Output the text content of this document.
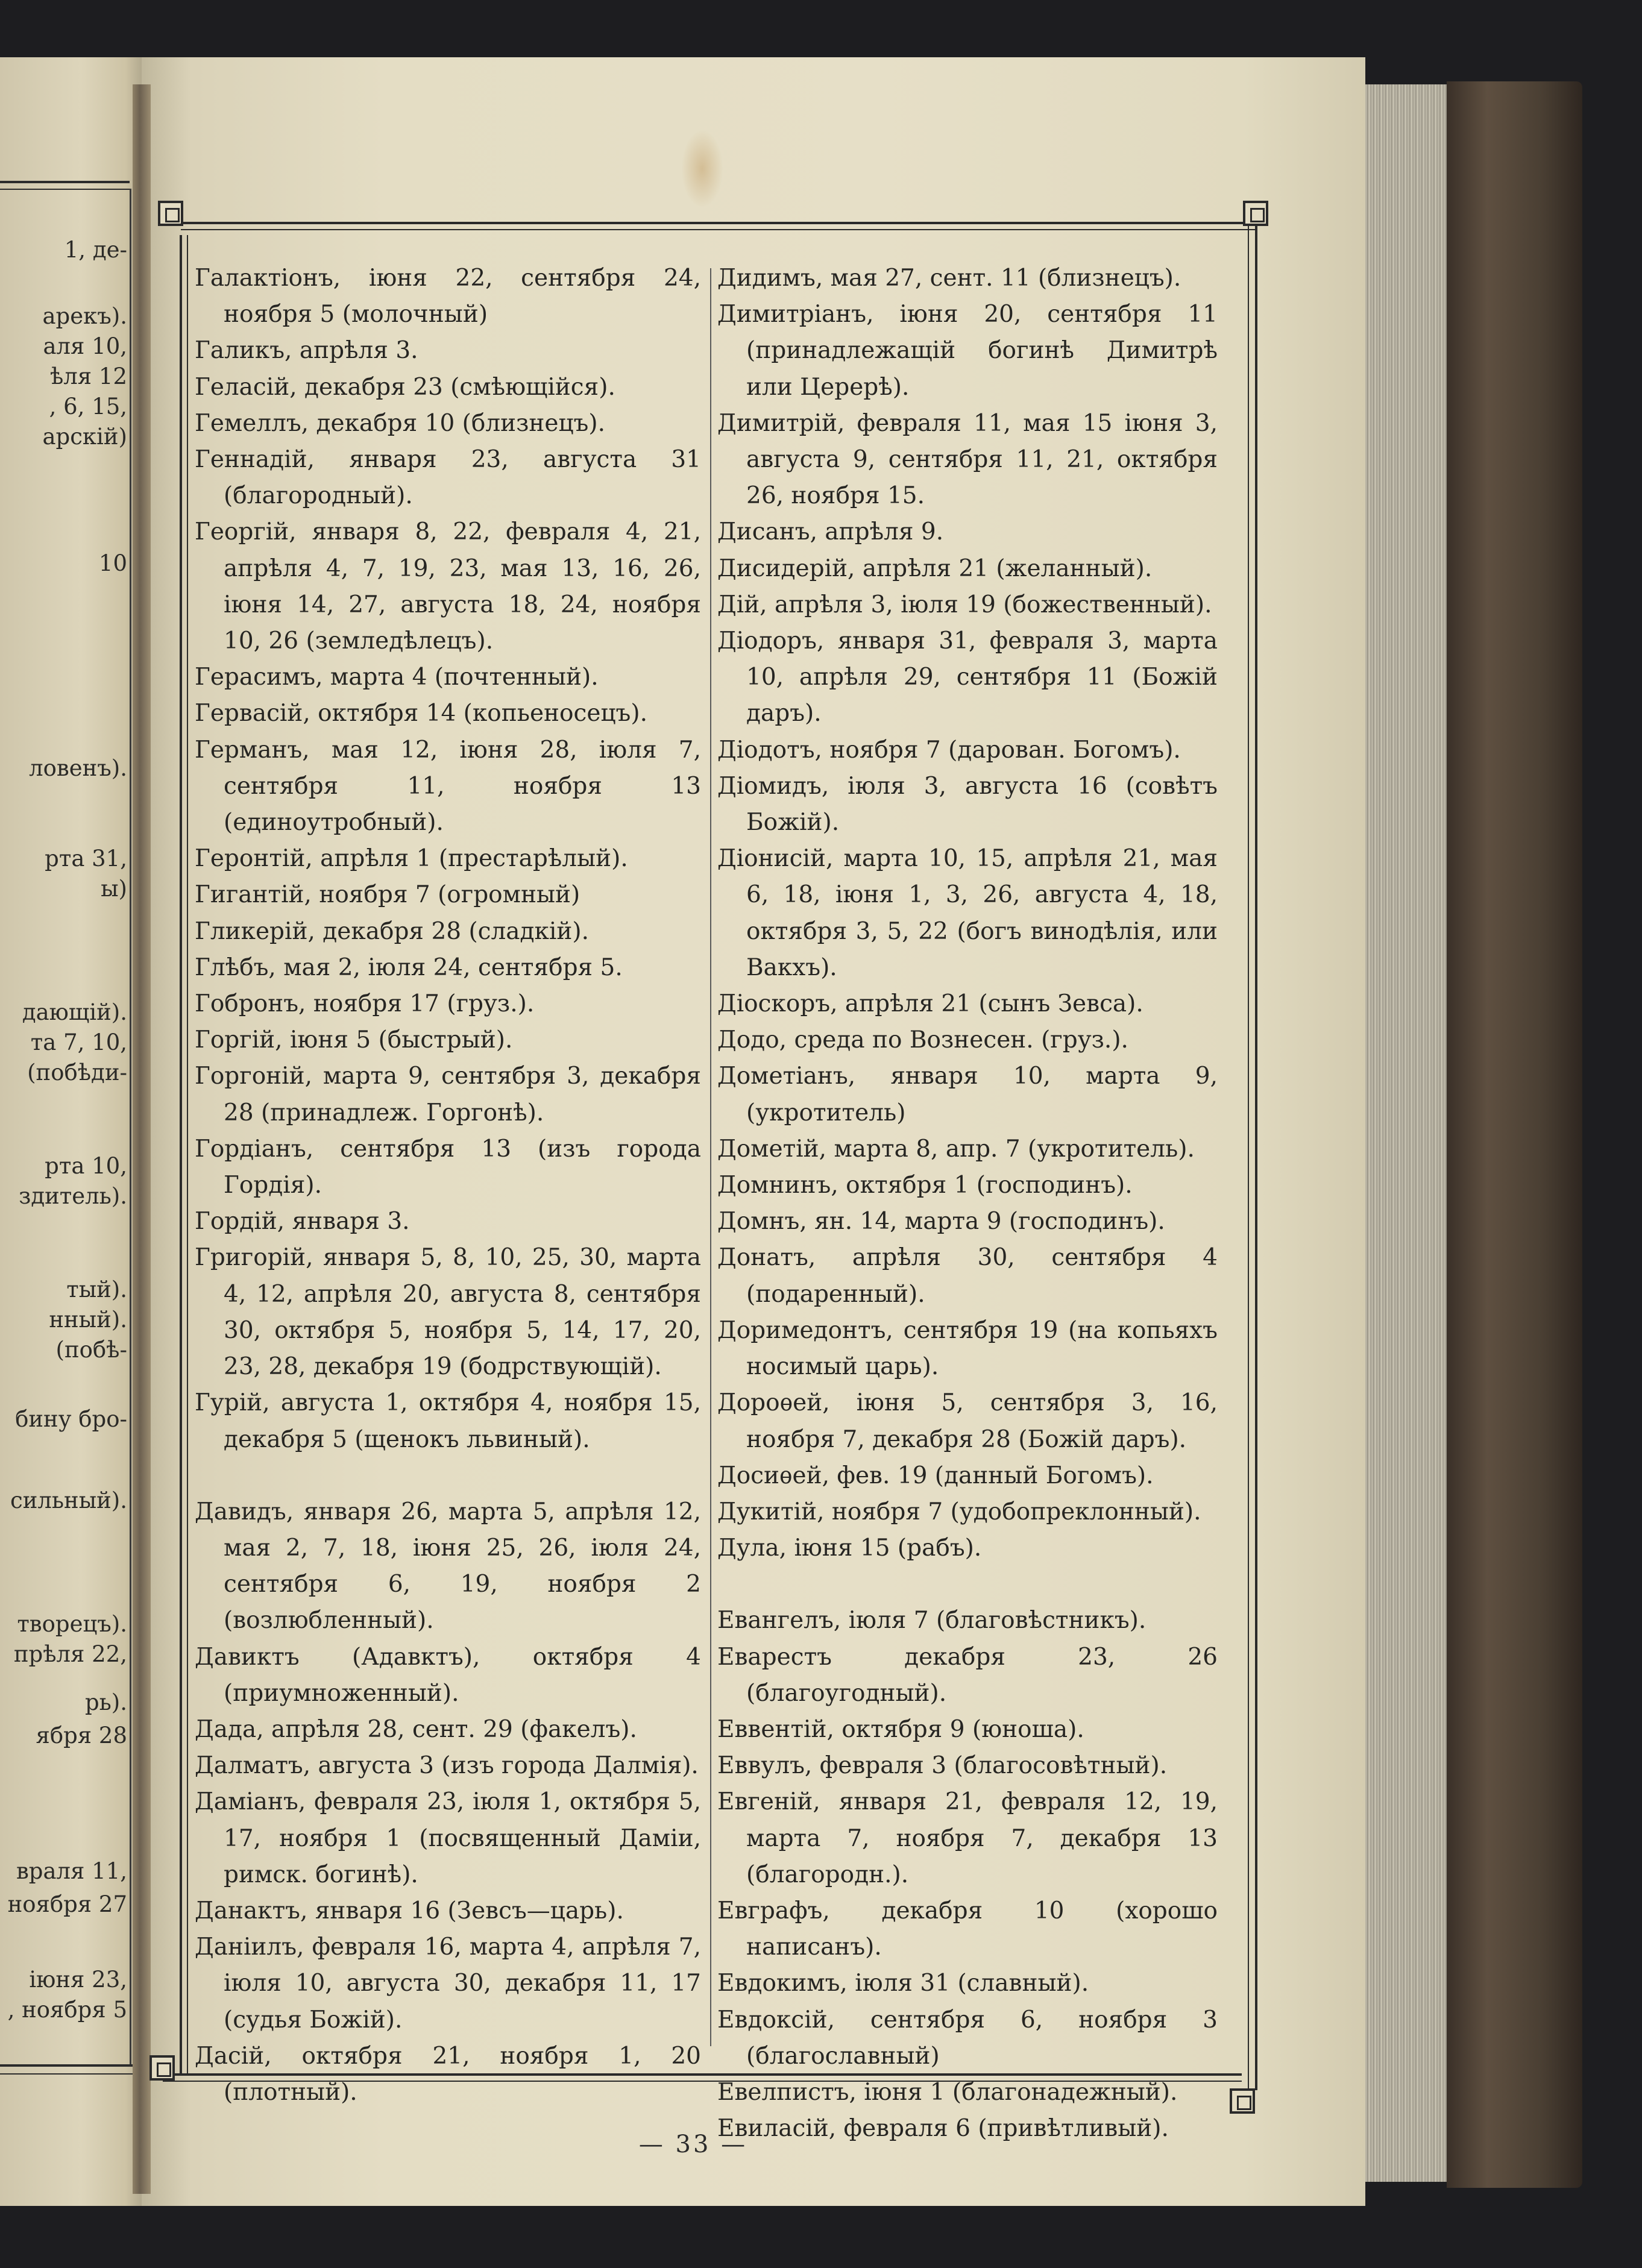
1, де-
арекъ).
аля 10,
ѣля 12
, 6, 15,
арскій)
10
ловенъ).
рта 31,
ы)
дающій).
та 7, 10,
(побѣди-
рта 10,
здитель).
тый).
нный).
(побѣ-
бину бро-
сильный).
творецъ).
прѣля 22,
рь).
ября 28
враля 11,
ноября 27
іюня 23,
, ноября 5

Галактіонъ, іюня 22, сентября 24, ноября 5 (молочный)

Галикъ, апрѣля 3.

Геласій, декабря 23 (смѣющійся).

Гемеллъ, декабря 10 (близнецъ).

Геннадій, января 23, августа 31 (благородный).

Георгій, января 8, 22, февраля 4, 21, апрѣля 4, 7, 19, 23, мая 13, 16, 26, іюня 14, 27, августа 18, 24, ноября 10, 26 (земледѣлецъ).

Герасимъ, марта 4 (почтенный).

Гервасій, октября 14 (копьеносецъ).

Германъ, мая 12, іюня 28, іюля 7, сентября 11, ноября 13 (единоутробный).

Геронтій, апрѣля 1 (престарѣлый).

Гигантій, ноября 7 (огромный)

Гликерій, декабря 28 (сладкій).

Глѣбъ, мая 2, іюля 24, сентября 5.

Гобронъ, ноября 17 (груз.).

Горгій, іюня 5 (быстрый).

Горгоній, марта 9, сентября 3, декабря 28 (принадлеж. Горгонѣ).

Гордіанъ, сентября 13 (изъ города Гордія).

Гордій, января 3.

Григорій, января 5, 8, 10, 25, 30, марта 4, 12, апрѣля 20, августа 8, сентября 30, октября 5, ноября 5, 14, 17, 20, 23, 28, декабря 19 (бодрствующій).

Гурій, августа 1, октября 4, ноября 15, декабря 5 (щенокъ львиный).

Давидъ, января 26, марта 5, апрѣля 12, мая 2, 7, 18, іюня 25, 26, іюля 24, сентября 6, 19, ноября 2 (возлюбленный).

Давиктъ (Адавктъ), октября 4 (приумноженный).

Дада, апрѣля 28, сент. 29 (факелъ).

Далматъ, августа 3 (изъ города Далмія).

Даміанъ, февраля 23, іюля 1, октября 5, 17, ноября 1 (посвященный Даміи, римск. богинѣ).

Данактъ, января 16 (Зевсъ—царь).

Даніилъ, февраля 16, марта 4, апрѣля 7, іюля 10, августа 30, декабря 11, 17 (судья Божій).

Дасій, октября 21, ноября 1, 20 (плотный).

Дидимъ, мая 27, сент. 11 (близнецъ).

Димитріанъ, іюня 20, сентября 11 (принадлежащій богинѣ Димитрѣ или Церерѣ).

Димитрій, февраля 11, мая 15 іюня 3, августа 9, сентября 11, 21, октября 26, ноября 15.

Дисанъ, апрѣля 9.

Дисидерій, апрѣля 21 (желанный).

Дій, апрѣля 3, іюля 19 (божественный).

Діодоръ, января 31, февраля 3, марта 10, апрѣля 29, сентября 11 (Божій даръ).

Діодотъ, ноября 7 (дарован. Богомъ).

Діомидъ, іюля 3, августа 16 (совѣтъ Божій).

Діонисій, марта 10, 15, апрѣля 21, мая 6, 18, іюня 1, 3, 26, августа 4, 18, октября 3, 5, 22 (богъ винодѣлія, или Вакхъ).

Діоскоръ, апрѣля 21 (сынъ Зевса).

Додо, среда по Вознесен. (груз.).

Дометіанъ, января 10, марта 9, (укротитель)

Дометій, марта 8, апр. 7 (укротитель).

Домнинъ, октября 1 (господинъ).

Домнъ, ян. 14, марта 9 (господинъ).

Донатъ, апрѣля 30, сентября 4 (подаренный).

Доримедонтъ, сентября 19 (на копьяхъ носимый царь).

Дороѳей, іюня 5, сентября 3, 16, ноября 7, декабря 28 (Божій даръ).

Досиѳей, фев. 19 (данный Богомъ).

Дукитій, ноября 7 (удобопреклонный).

Дула, іюня 15 (рабъ).

Евангелъ, іюля 7 (благовѣстникъ).

Еварестъ декабря 23, 26 (благоугодный).

Еввентій, октября 9 (юноша).

Еввулъ, февраля 3 (благосовѣтный).

Евгеній, января 21, февраля 12, 19, марта 7, ноября 7, декабря 13 (благородн.).

Евграфъ, декабря 10 (хорошо написанъ).

Евдокимъ, іюля 31 (славный).

Евдоксій, сентября 6, ноября 3 (благославный)

Евелпистъ, іюня 1 (благонадежный).

Евиласій, февраля 6 (привѣтливый).

— 33 —
